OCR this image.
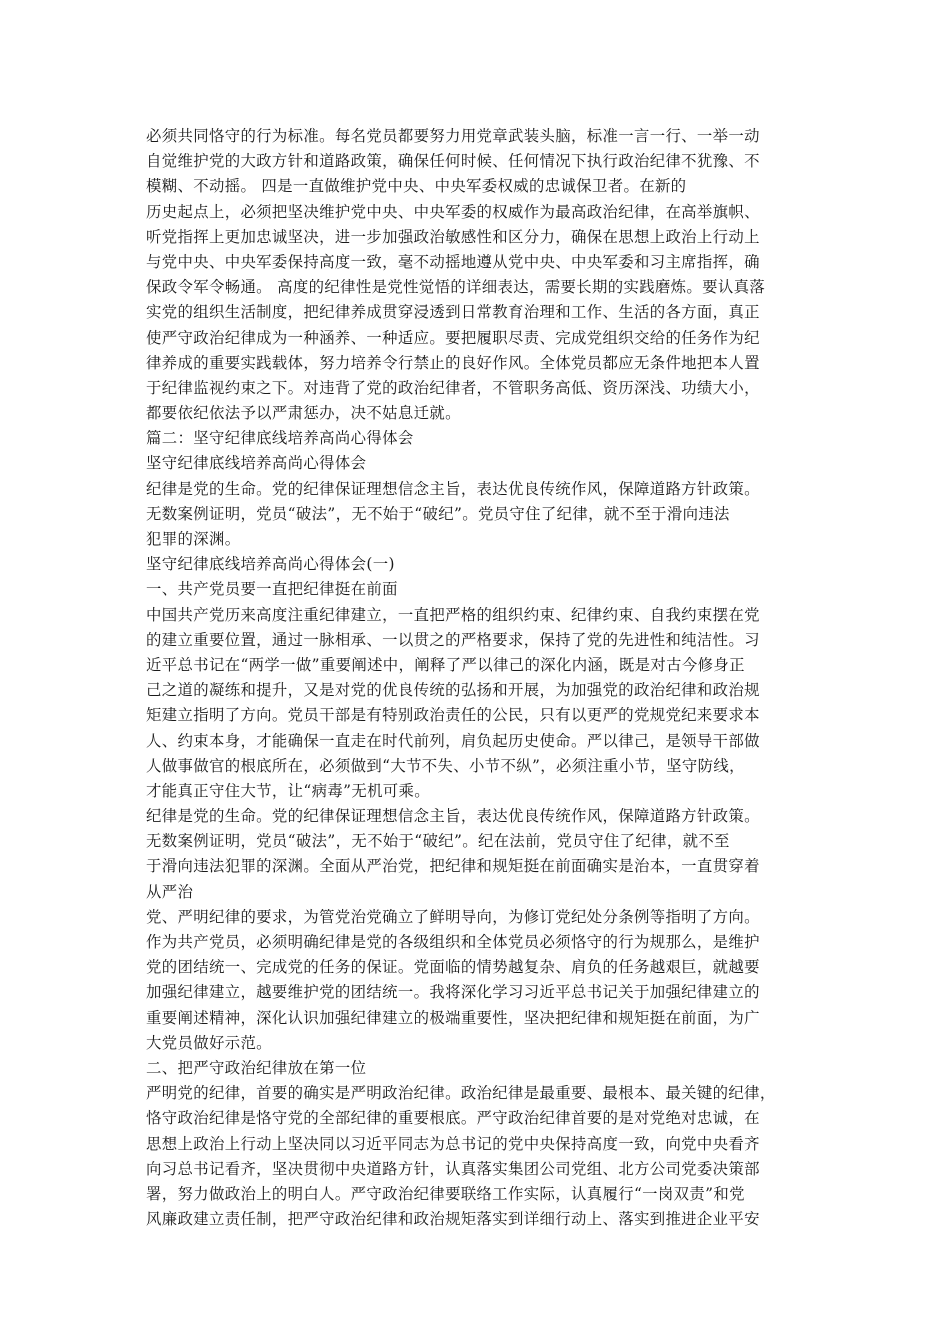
必须共同恪守的行为标准。每名党员都要努力用党章武装头脑，标准一言一行、一举一动
自觉维护党的大政方针和道路政策，确保任何时候、任何情况下执行政治纪律不犹豫、不
模糊、不动摇。 四是一直做维护党中央、中央军委权威的忠诚保卫者。在新的
历史起点上，必须把坚决维护党中央、中央军委的权威作为最高政治纪律，在高举旗帜、
听党指挥上更加忠诚坚决，进一步加强政治敏感性和区分力，确保在思想上政治上行动上
与党中央、中央军委保持高度一致，毫不动摇地遵从党中央、中央军委和习主席指挥，确
保政令军令畅通。 高度的纪律性是党性觉悟的详细表达，需要长期的实践磨炼。要认真落
实党的组织生活制度，把纪律养成贯穿浸透到日常教育治理和工作、生活的各方面，真正
使严守政治纪律成为一种涵养、一种适应。要把履职尽责、完成党组织交给的任务作为纪
律养成的重要实践载体，努力培养令行禁止的良好作风。全体党员都应无条件地把本人置
于纪律监视约束之下。对违背了党的政治纪律者，不管职务高低、资历深浅、功绩大小，
都要依纪依法予以严肃惩办，决不姑息迁就。
篇二：坚守纪律底线培养高尚心得体会
坚守纪律底线培养高尚心得体会
纪律是党的生命。党的纪律保证理想信念主旨，表达优良传统作风，保障道路方针政策。
无数案例证明，党员“破法”，无不始于“破纪”。党员守住了纪律，就不至于滑向违法
犯罪的深渊。
坚守纪律底线培养高尚心得体会(一)
一、共产党员要一直把纪律挺在前面
中国共产党历来高度注重纪律建立，一直把严格的组织约束、纪律约束、自我约束摆在党
的建立重要位置，通过一脉相承、一以贯之的严格要求，保持了党的先进性和纯洁性。习
近平总书记在“两学一做”重要阐述中，阐释了严以律己的深化内涵，既是对古今修身正
己之道的凝练和提升，又是对党的优良传统的弘扬和开展，为加强党的政治纪律和政治规
矩建立指明了方向。党员干部是有特别政治责任的公民，只有以更严的党规党纪来要求本
人、约束本身，才能确保一直走在时代前列，肩负起历史使命。严以律己，是领导干部做
人做事做官的根底所在，必须做到“大节不失、小节不纵”，必须注重小节，坚守防线，
才能真正守住大节，让“病毒”无机可乘。
纪律是党的生命。党的纪律保证理想信念主旨，表达优良传统作风，保障道路方针政策。
无数案例证明，党员“破法”，无不始于“破纪”。纪在法前，党员守住了纪律，就不至
于滑向违法犯罪的深渊。全面从严治党，把纪律和规矩挺在前面确实是治本，一直贯穿着
从严治
党、严明纪律的要求，为管党治党确立了鲜明导向，为修订党纪处分条例等指明了方向。
作为共产党员，必须明确纪律是党的各级组织和全体党员必须恪守的行为规那么，是维护
党的团结统一、完成党的任务的保证。党面临的情势越复杂、肩负的任务越艰巨，就越要
加强纪律建立，越要维护党的团结统一。我将深化学习习近平总书记关于加强纪律建立的
重要阐述精神，深化认识加强纪律建立的极端重要性，坚决把纪律和规矩挺在前面，为广
大党员做好示范。
二、把严守政治纪律放在第一位
严明党的纪律，首要的确实是严明政治纪律。政治纪律是最重要、最根本、最关键的纪律，
恪守政治纪律是恪守党的全部纪律的重要根底。严守政治纪律首要的是对党绝对忠诚，在
思想上政治上行动上坚决同以习近平同志为总书记的党中央保持高度一致，向党中央看齐
向习总书记看齐，坚决贯彻中央道路方针，认真落实集团公司党组、北方公司党委决策部
署，努力做政治上的明白人。严守政治纪律要联络工作实际，认真履行“一岗双责”和党
风廉政建立责任制，把严守政治纪律和政治规矩落实到详细行动上、落实到推进企业平安
